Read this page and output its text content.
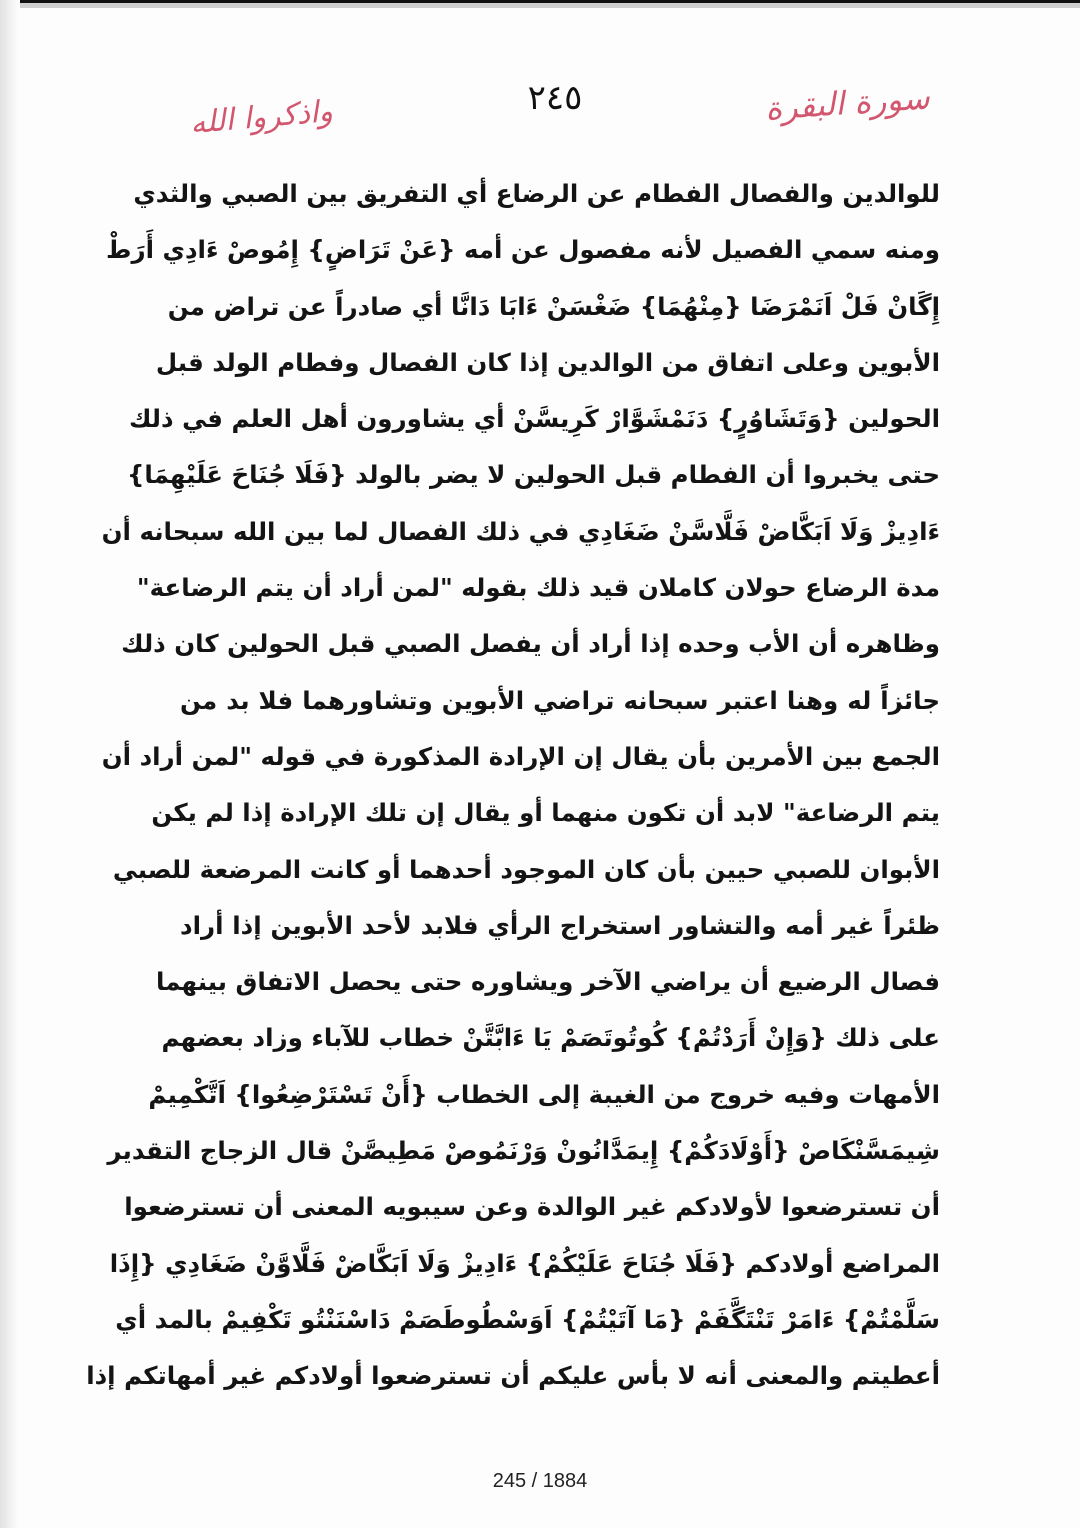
٢٤٥	سورة البقرة
واذكروا الله
للوالدين والفصال الفطام عن الرضاع أي التفريق بين الصبي والثدي
ومنه سمي الفصيل لأنه مفصول عن أمه {عَنْ تَرَاضٍ} إِمُوصْ ءَادِي أَرَطْ
إِگَانْ فَلْ اَنَمْرَضَا {مِنْهُمَا} ضَغْسَنْ ءَابَا دَانَّا أي صادراً عن تراض من
الأبوين وعلى اتفاق من الوالدين إذا كان الفصال وفطام الولد قبل
الحولين {وَتَشَاوُرٍ} دَنَمْشَوَّارْ كَرِيسَّنْ أي يشاورون أهل العلم في ذلك
حتى يخبروا أن الفطام قبل الحولين لا يضر بالولد {فَلَا جُنَاحَ عَلَيْهِمَا}
ءَادِيزْ وَلَا اَبَكَّاضْ فَلَّاسَّنْ ضَغَادِي في ذلك الفصال لما بين الله سبحانه أن
مدة الرضاع حولان كاملان قيد ذلك بقوله "لمن أراد أن يتم الرضاعة"
وظاهره أن الأب وحده إذا أراد أن يفصل الصبي قبل الحولين كان ذلك
جائزاً له وهنا اعتبر سبحانه تراضي الأبوين وتشاورهما فلا بد من
الجمع بين الأمرين بأن يقال إن الإرادة المذكورة في قوله "لمن أراد أن
يتم الرضاعة" لابد أن تكون منهما أو يقال إن تلك الإرادة إذا لم يكن
الأبوان للصبي حيين بأن كان الموجود أحدهما أو كانت المرضعة للصبي
ظئراً غير أمه والتشاور استخراج الرأي فلابد لأحد الأبوين إذا أراد
فصال الرضيع أن يراضي الآخر ويشاوره حتى يحصل الاتفاق بينهما
على ذلك {وَإِنْ أَرَدْتُمْ} كُوتُوتَصَمْ يَا ءَابَّتَّنْ خطاب للآباء وزاد بعضهم
الأمهات وفيه خروج من الغيبة إلى الخطاب {أَنْ تَسْتَرْضِعُوا} اَتَّكْمِيمْ
شِيمَسَّنْكَاصْ {أَوْلَادَكُمْ} إِيمَدَّانُونْ وَرْنَمُوصْ مَطِيصَّنْ قال الزجاج التقدير
أن تسترضعوا لأولادكم غير الوالدة وعن سيبويه المعنى أن تسترضعوا
المراضع أولادكم {فَلَا جُنَاحَ عَلَيْكُمْ} ءَادِيزْ وَلَا اَبَكَّاضْ فَلَّاوَّنْ ضَغَادِي {إِذَا
سَلَّمْتُمْ} ءَامَرْ تَنْتَگَّفَمْ {مَا آتَيْتُمْ} اَوَسْطُوطَصَمْ دَاسْنَنْتُو تَكْفِيمْ بالمد أي
أعطيتم والمعنى أنه لا بأس عليكم أن تسترضعوا أولادكم غير أمهاتكم إذا
245 / 1884
